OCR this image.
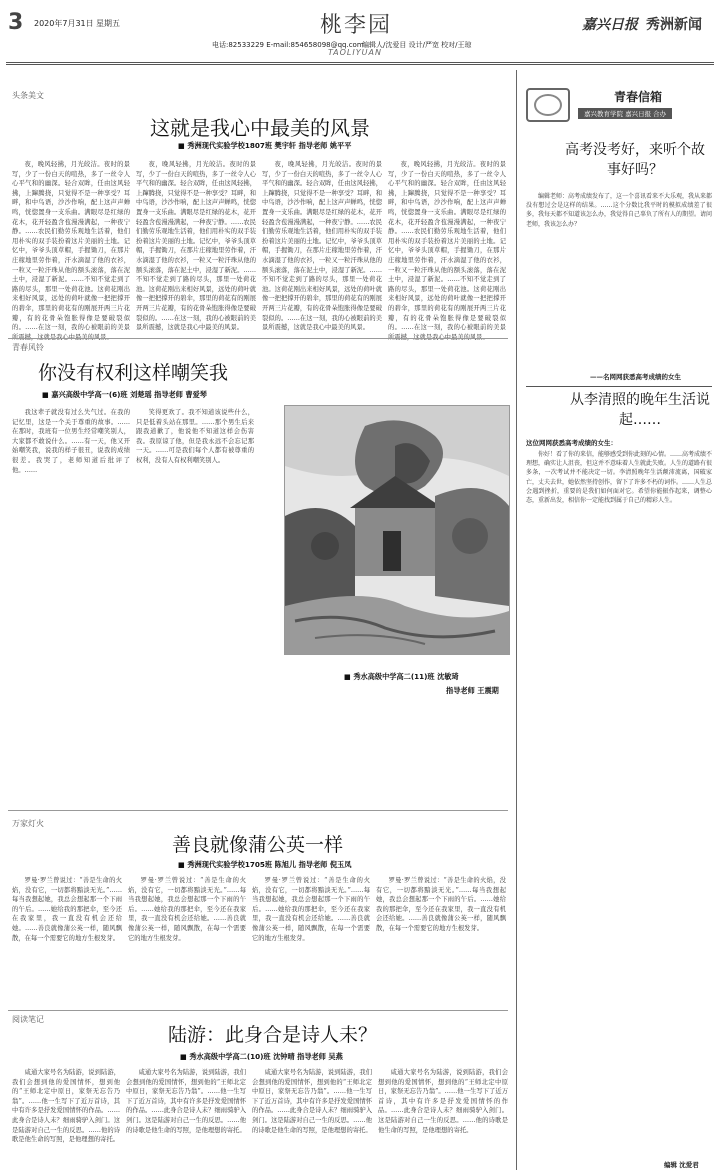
3 2020年7月31日 星期五	桃李园
TAOLIYUAN
嘉兴日报 秀洲新闻
电话:82533229 E-mail:854658098@qq.com
编辑人/沈爱目 设计/严宽 校对/王琼
头条美文
这就是我心中最美的风景
■ 秀洲现代实验学校1807班 樊宇轩 指导老师 姚平平

夜，晚风轻拂，月光皎洁。夜时的景写，少了一份白天的喧热，多了一丝令人心平气和的幽深。轻合双眸，任由这风轻拂，上蹿腾挠，只觉得不是一种享受？耳畔，和中鸟语，沙沙作响，配上这声声蝉鸣，恍惚置身一支乐曲。满眼尽是红绿的花木，花开轻盈含苞漫漫满起，一种夜宁静。……农民们勤劳乐观地生活着，他们用朴实的双手装扮着这片美丽的土地。记忆中，爷爷头顶草帽，手握锄刀，在那片庄稼地里劳作着，汗水滴湿了他的衣衫，一粒又一粒汗珠从他的额头滚落，落在泥土中，浸湿了新泥。……不知不觉走到了路的尽头，那里一处荷花池。这荷花刚出来相好风景，远处的荷叶就像一把把撑开的碧伞，那里的荷花有的刚展开两三片花瓣，有的花骨朵饱胀得像是要破裂似的。……在这一刻，我的心被眼前的美景

夜，晚风轻拂，月光皎洁。夜时的景写，少了一份白天的喧热，多了一丝令人心平气和的幽深。轻合双眸，任由这风轻拂，上蹿腾挠，只觉得不是一种享受？耳畔，和中鸟语，沙沙作响，配上这声声蝉鸣，恍惚置身一支乐曲。满眼尽是红绿的花木，花开轻盈含苞漫漫满起，一种夜宁静。……农民们勤劳乐观地生活着，他们用朴实的双手装扮着这片美丽的土地。记忆中，爷爷头顶草帽，手握锄刀，在那片庄稼地里劳作着，汗水滴湿了他的衣衫，一粒又一粒汗珠从他的额头滚落，落在泥土中，浸湿了新泥。……不知不觉走到了路的尽头，那里一处荷花池。这荷花刚出来相好风景，远处的荷叶就像一把把撑开的碧伞，那里的荷花有的刚展开两三片花瓣，有的花骨朵饱胀得像是要破裂似的。……在这一刻，我的心被眼前的美景所震撼，这就是我心中最美的风景。

夜，晚风轻拂，月光皎洁。夜时的景写，少了一份白天的喧热，多了一丝令人心平气和的幽深。轻合双眸，任由这风轻拂，上蹿腾挠，只觉得不是一种享受？耳畔，和中鸟语，沙沙作响，配上这声声蝉鸣，恍惚置身一支乐曲。满眼尽是红绿的花木，花开轻盈含苞漫漫满起，一种夜宁静。……农民们勤劳乐观地生活着，他们用朴实的双手装扮着这片美丽的土地。记忆中，爷爷头顶草帽，手握锄刀，在那片庄稼地里劳作着，汗水滴湿了他的衣衫，一粒又一粒汗珠从他的额头滚落，落在泥土中，浸湿了新泥。……不知不觉走到了路的尽头，那里一处荷花池。这荷花刚出来相好风景，远处的荷叶就像一把把撑开的碧伞，那里的荷花有的刚展开两三片花瓣，有的花骨朵饱胀得像是要破裂似的。……在这一刻，我的心被眼前的美景所震撼，这就是我心中最美的风景。

夜，晚风轻拂，月光皎洁。夜时的景写，少了一份白天的喧热，多了一丝令人心平气和的幽深。轻合双眸，任由这风轻拂，上蹿腾挠，只觉得不是一种享受？耳畔，和中鸟语，沙沙作响，配上这声声蝉鸣，恍惚置身一支乐曲。满眼尽是红绿的花木，花开轻盈含苞漫漫满起，一种夜宁静。……农民们勤劳乐观地生活着，他们用朴实的双手装扮着这片美丽的土地。记忆中，爷爷头顶草帽，手握锄刀，在那片庄稼地里劳作着，汗水滴湿了他的衣衫，一粒又一粒汗珠从他的额头滚落，落在泥土中，浸湿了新泥。……不知不觉走到了路的尽头，那里一处荷花池。这荷花刚出来相好风景，远处的荷叶就像一把把撑开的碧伞，那里的荷花有的刚展开两三片花瓣，有的花骨朵饱胀得像是要破裂似的。……在这一刻，我的心被眼前的美景

青春信箱
嘉兴教育学院 嘉兴日报 合办
高考没考好，来听个故事好吗？

编辑老师：高考成绩发布了，这一个喜讯看来不大乐观，我从来都没有想过会是这样的结果。……这个分数比我平时的模拟成绩差了很多，我每天都不知道该怎么办，我觉得自己辜负了所有人的期望。请问老师，我该怎么办？

——名网网获悉高考成绩的女生
从李清照的晚年生活说起……
这位网网获悉高考成绩的女生：

你好！看了你的来信，能够感受到你此刻的心情。……高考成绩不理想，确实让人沮丧，但这并不意味着人生就此失败。人生的道路有很多条，一次考试并不能决定一切。李清照晚年生活颠沛流离，国破家亡，丈夫去世，她依然坚持创作，留下了许多不朽的词作。……人生总会遇到挫折，重要的是我们如何面对它。希望你能振作起来，调整心态，重新出发，相信你一定能找到属于自己的精彩人生。

编辑 沈爱君
青春风铃
你没有权利这样嘲笑我
■ 嘉兴高级中学高一(6)班 刘楚瑶 指导老师 曹爱琴

我这辈子就没有过么失气过。在我的记忆里，这是一个关于尊重的故事。……在那时，我班有一位男生经常嘲笑别人，大家都不敢说什么。……有一天，他又开始嘲笑我，说我的样子很丑，说我的成绩很差。我哭了，老师知道后批评了他。……

笑得更欢了。我不知道该说些什么，只是低着头站在那里。……那个男生后来跟我道歉了，他说他不知道这样会伤害我。我原谅了他，但是我永远不会忘记那一天。……可是我们每个人都有被尊重的权利，没有人有权利嘲笑别人。

■ 秀水高级中学高二(11)班 沈敏琦
指导老师 王震期
万家灯火
善良就像蒲公英一样
■ 秀洲现代实验学校1705班 陈旭儿 指导老师 倪玉凤

罗曼·罗兰曾说过：“善是生命的火焰，没有它，一切都将黯淡无光。”……每当我想起她，我总会想起那一个下雨的午后。……她给我的那把伞，至今还在我家里，我一直没有机会还给她。……善良就像蒲公英一样，随风飘散，在每一个需要它的地方生根发芽。

罗曼·罗兰曾说过：“善是生命的火焰，没有它，一切都将黯淡无光。”……每当我想起她，我总会想起那一个下雨的午后。……她给我的那把伞，至今还在我家里，我一直没有机会还给她。……善良就像蒲公英一样，随风飘散，在每一个需要它的地方生根发芽。

罗曼·罗兰曾说过：“善是生命的火焰，没有它，一切都将黯淡无光。”……每当我想起她，我总会想起那一个下雨的午后。……她给我的那把伞，至今还在我家里，我一直没有机会还给她。……善良就像蒲公英一样，随风飘散，在每一个需要它的地方生根发芽。

罗曼·罗兰曾说过：“善是生命的火焰，没有它，一切都将黯淡无光。”……每当我想起她，我总会想起那一个下雨的午后。……她给我的那把伞，至今还在我家里，我一直没有机会还给她。……善良就像蒲公英一样，随风飘散，在每一个需要它的地方生根发芽。

阅读笔记
陆游：此身合是诗人未？
■ 秀水高级中学高二(10)班 沈钟晴 指导老师 吴燕

咸通大家号名为陆游，说到陆游，我们会想到他的爱国情怀，想到他的“王师北定中原日，家祭无忘告乃翁”。……他一生写下了近万首诗，其中有许多是抒发爱国情怀的作品。……此身合是诗人未？细雨骑驴入剑门。这是陆游对自己一生的反思。……他的诗歌是他生命的写照，是他理想的寄托。

咸通大家号名为陆游，说到陆游，我们会想到他的爱国情怀，想到他的“王师北定中原日，家祭无忘告乃翁”。……他一生写下了近万首诗，其中有许多是抒发爱国情怀的作品。……此身合是诗人未？细雨骑驴入剑门。这是陆游对自己一生的反思。……他的诗歌是他生命的写照，是他理想的寄托。

咸通大家号名为陆游，说到陆游，我们会想到他的爱国情怀，想到他的“王师北定中原日，家祭无忘告乃翁”。……他一生写下了近万首诗，其中有许多是抒发爱国情怀的作品。……此身合是诗人未？细雨骑驴入剑门。这是陆游对自己一生的反思。……他的诗歌是他生命的写照，是他理想的寄托。

咸通大家号名为陆游，说到陆游，我们会想到他的爱国情怀，想到他的“王师北定中原日，家祭无忘告乃翁”。……他一生写下了近万首诗，其中有许多是抒发爱国情怀的作品。……此身合是诗人未？细雨骑驴入剑门。这是陆游对自己一生的反思。……他的诗歌是他生命的写照，是他理想的寄托。
